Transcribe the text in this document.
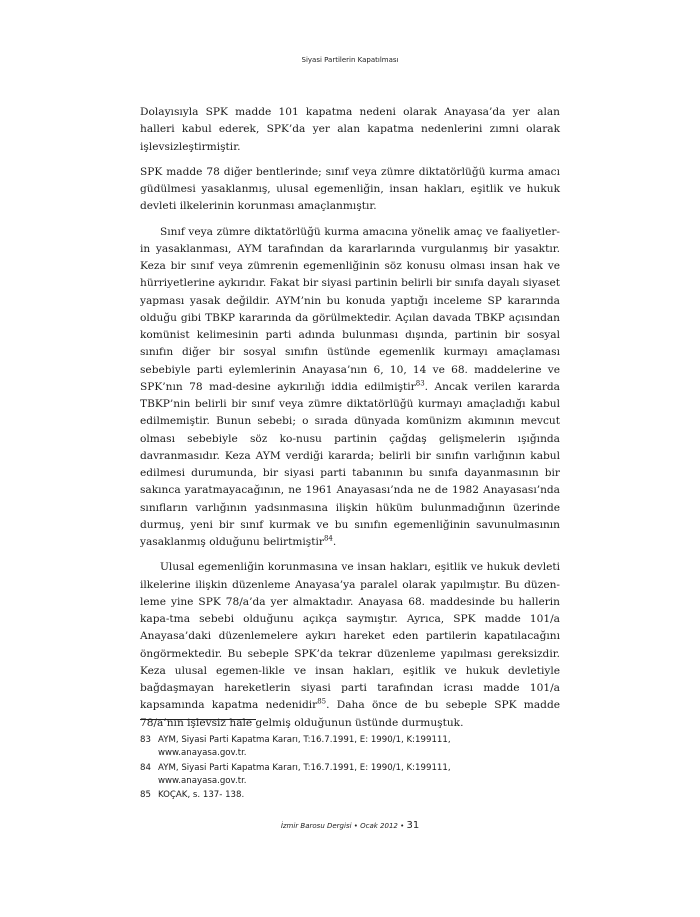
Siyasi Partilerin Kapatılması

Dolayısıyla SPK madde 101 kapatma nedeni olarak Anayasa’da yer alan halleri kabul ederek, SPK’da yer alan kapatma nedenlerini zımni olarak işlevsizleştirmiştir.

SPK madde 78 diğer bentlerinde; sınıf veya zümre diktatörlüğü kurma amacı güdülmesi yasaklanmış, ulusal egemenliğin, insan hakları, eşitlik ve hukuk devleti ilkelerinin korunması amaçlanmıştır.

Sınıf veya zümre diktatörlüğü kurma amacına yönelik amaç ve faaliyetler-in yasaklanması, AYM tarafından da kararlarında vurgulanmış bir yasaktır. Keza bir sınıf veya zümrenin egemenliğinin söz konusu olması insan hak ve hürriyetlerine aykırıdır. Fakat bir siyasi partinin belirli bir sınıfa dayalı siyaset yapması yasak değildir. AYM’nin bu konuda yaptığı inceleme SP kararında olduğu gibi TBKP kararında da görülmektedir. Açılan davada TBKP açısından komünist kelimesinin parti adında bulunması dışında, partinin bir sosyal sınıfın diğer bir sosyal sınıfın üstünde egemenlik kurmayı amaçlaması sebebiyle parti eylemlerinin Anayasa’nın 6, 10, 14 ve 68. maddelerine ve SPK’nın 78 mad-desine aykırılığı iddia edilmiştir$^{83}$. Ancak verilen kararda TBKP’nin belirli bir sınıf veya zümre diktatörlüğü kurmayı amaçladığı kabul edilmemiştir. Bunun sebebi; o sırada dünyada komünizm akımının mevcut olması sebebiyle söz ko-nusu partinin çağdaş gelişmelerin ışığında davranmasıdır. Keza AYM verdiği kararda; belirli bir sınıfın varlığının kabul edilmesi durumunda, bir siyasi parti tabanının bu sınıfa dayanmasının bir sakınca yaratmayacağının, ne 1961 Anayasası’nda ne de 1982 Anayasası’nda sınıfların varlığının yadsınmasına ilişkin hüküm bulunmadığının üzerinde durmuş, yeni bir sınıf kurmak ve bu sınıfın egemenliğinin savunulmasının yasaklanmış olduğunu belirtmiştir$^{84}$.

Ulusal egemenliğin korunmasına ve insan hakları, eşitlik ve hukuk devleti ilkelerine ilişkin düzenleme Anayasa’ya paralel olarak yapılmıştır. Bu düzen-leme yine SPK 78/a’da yer almaktadır. Anayasa 68. maddesinde bu hallerin kapa-tma sebebi olduğunu açıkça saymıştır. Ayrıca, SPK madde 101/a Anayasa’daki düzenlemelere aykırı hareket eden partilerin kapatılacağını öngörmektedir. Bu sebeple SPK’da tekrar düzenleme yapılması gereksizdir. Keza ulusal egemen-likle ve insan hakları, eşitlik ve hukuk devletiyle bağdaşmayan hareketlerin siyasi parti tarafından icrası madde 101/a kapsamında kapatma nedenidir$^{85}$. Daha önce de bu sebeple SPK madde 78/a’nın işlevsiz hale gelmiş olduğunun üstünde durmuştuk.

83 AYM, Siyasi Parti Kapatma Kararı, T:16.7.1991, E: 1990/1, K:199111,
www.anayasa.gov.tr.
84 AYM, Siyasi Parti Kapatma Kararı, T:16.7.1991, E: 1990/1, K:199111,
www.anayasa.gov.tr.
85 KOÇAK, s. 137- 138.
İzmir Barosu Dergisi • Ocak 2012 • 31
